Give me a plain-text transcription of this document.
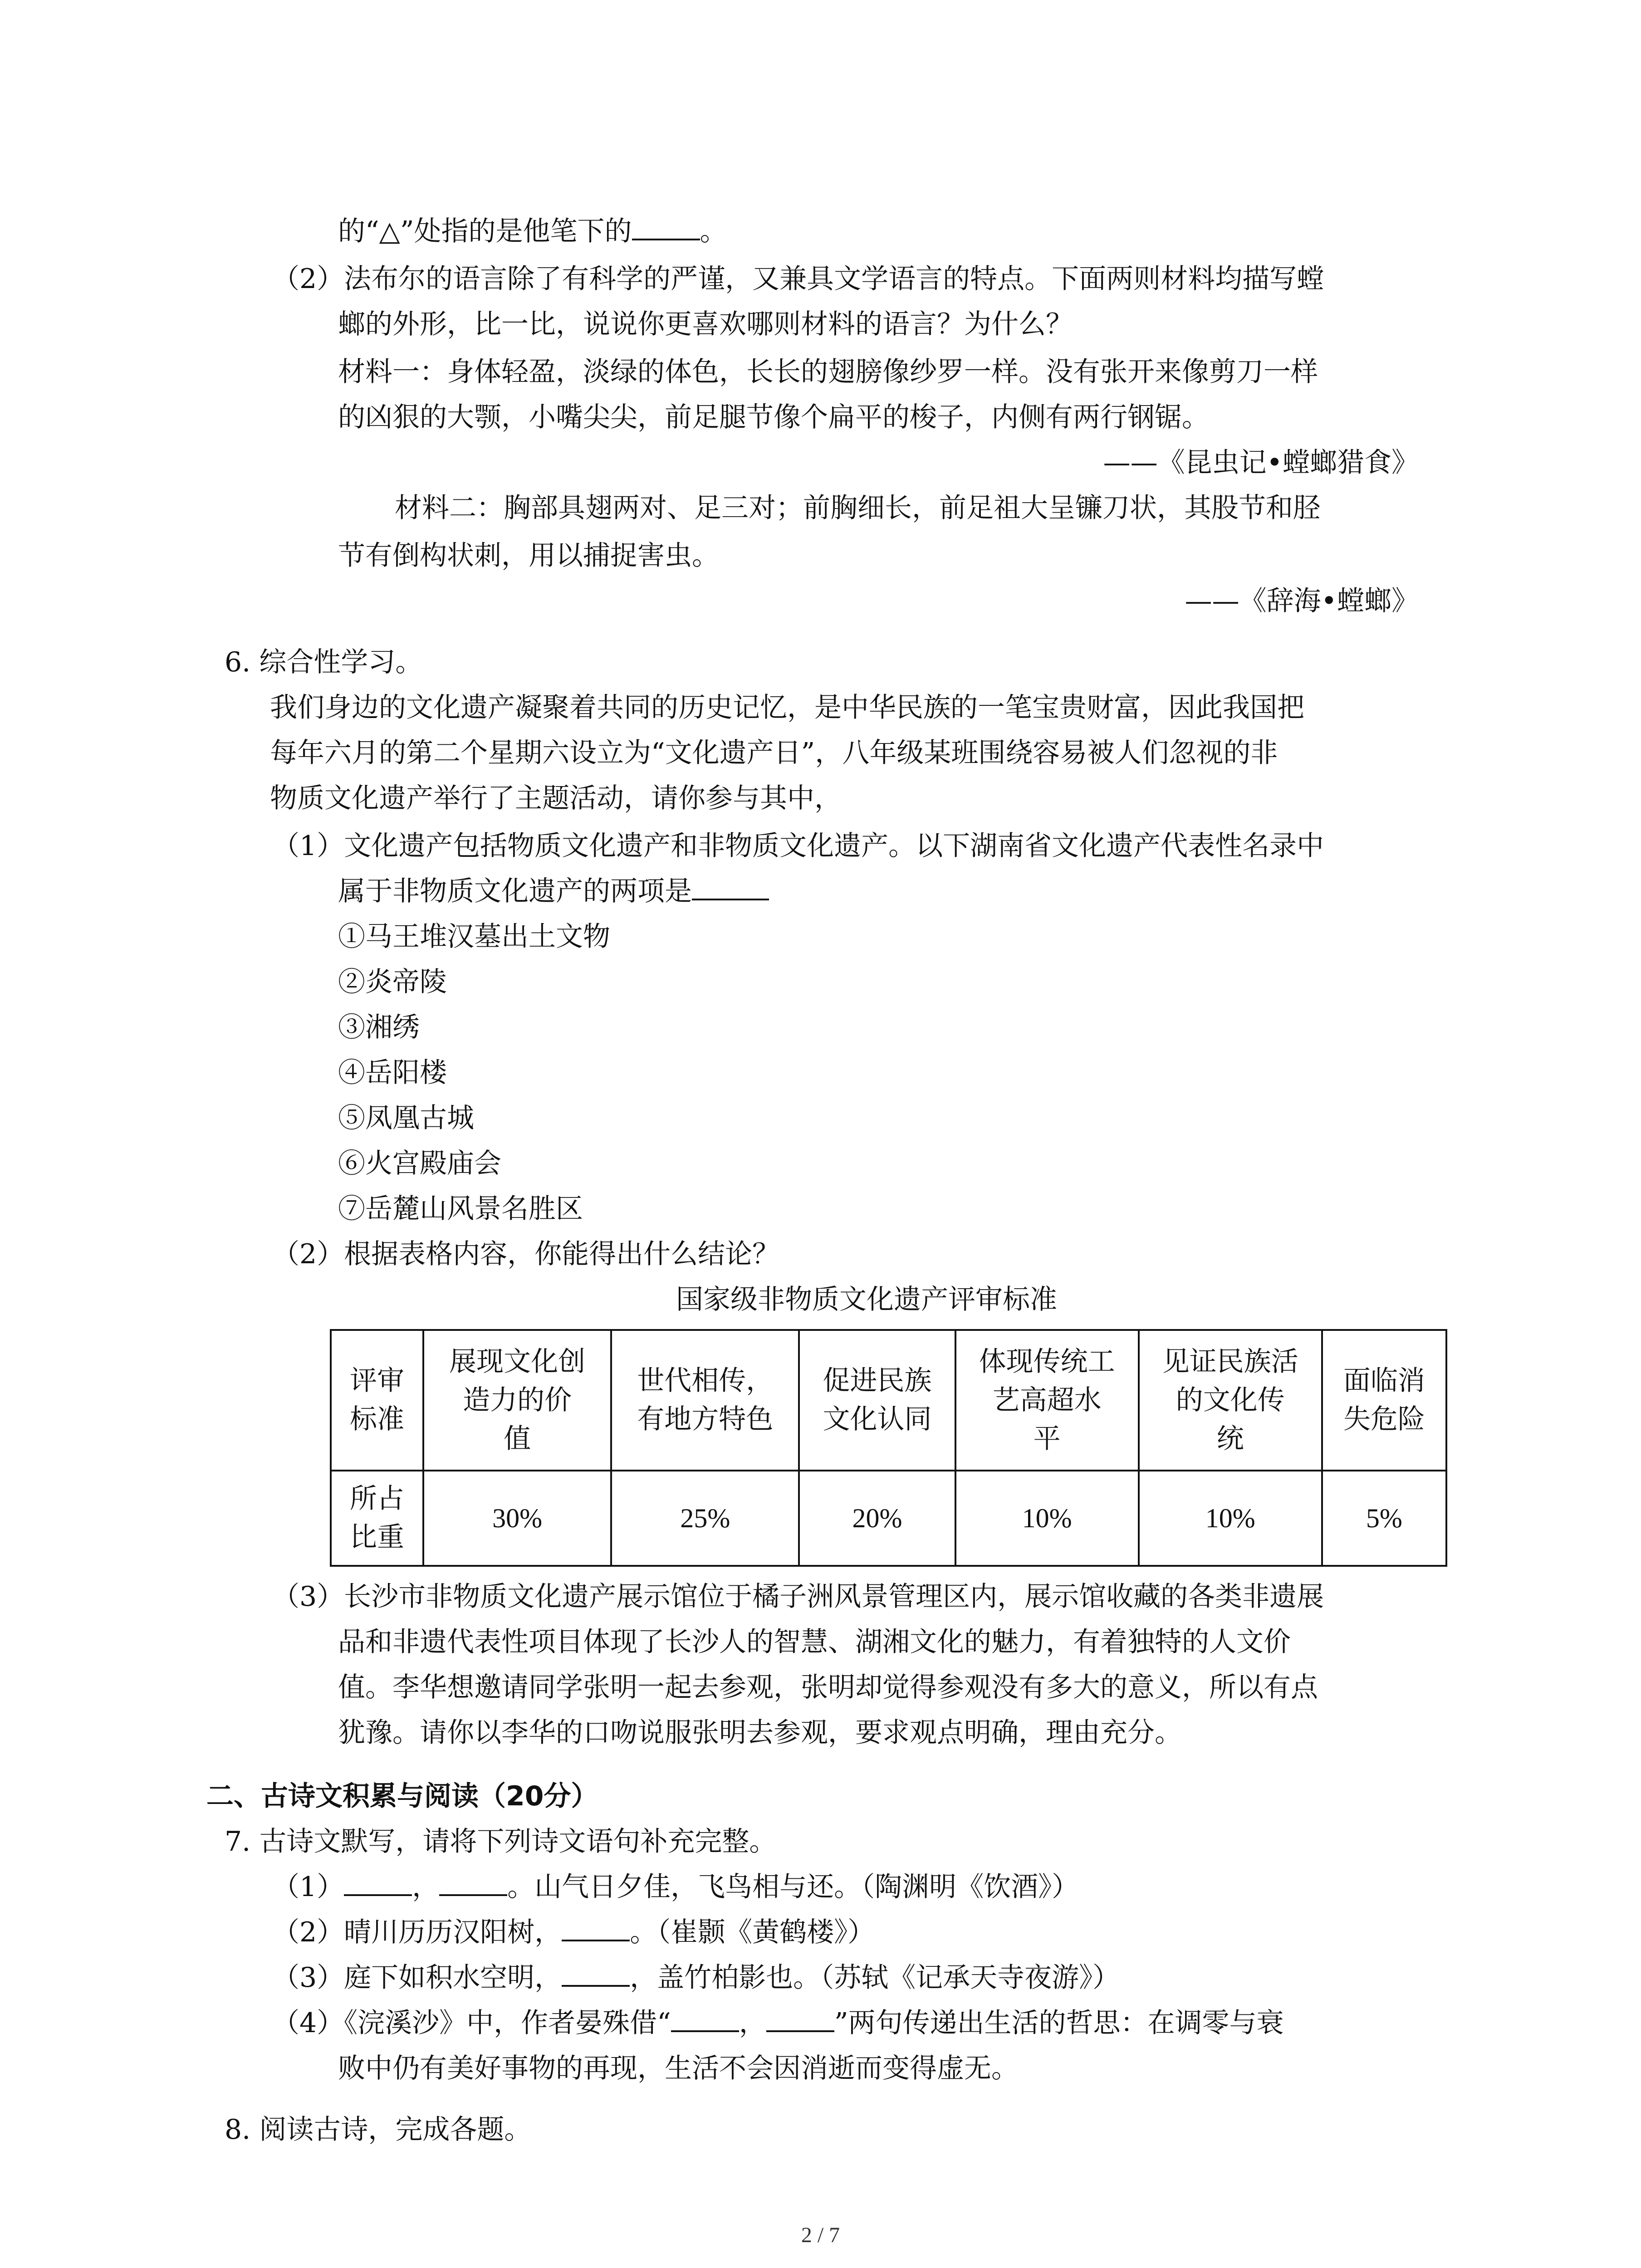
的“△”处指的是他笔下的	。
（2）法布尔的语言除了有科学的严谨，又兼具文学语言的特点。下面两则材料均描写螳
螂的外形，比一比，说说你更喜欢哪则材料的语言？为什么？
材料一：身体轻盈，淡绿的体色，长长的翅膀像纱罗一样。没有张开来像剪刀一样
的凶狠的大颚，小嘴尖尖，前足腿节像个扁平的梭子，内侧有两行钢锯。
——《昆虫记•螳螂猎食》
材料二：胸部具翅两对、足三对；前胸细长，前足祖大呈镰刀状，其股节和胫
节有倒构状刺，用以捕捉害虫。
——《辞海•螳螂》
6. 综合性学习。
我们身边的文化遗产凝聚着共同的历史记忆，是中华民族的一笔宝贵财富，因此我国把
每年六月的第二个星期六设立为“文化遗产日”，八年级某班围绕容易被人们忽视的非
物质文化遗产举行了主题活动，请你参与其中，
（1）文化遗产包括物质文化遗产和非物质文化遗产。以下湖南省文化遗产代表性名录中
属于非物质文化遗产的两项是
①马王堆汉墓出土文物
②炎帝陵
③湘绣
④岳阳楼
⑤凤凰古城
⑥火宫殿庙会
⑦岳麓山风景名胜区
（2）根据表格内容，你能得出什么结论？
国家级非物质文化遗产评审标准
评审
标准	展现文化创
造力的价
值	世代相传，
有地方特色	促进民族
文化认同	体现传统工
艺高超水
平	见证民族活
的文化传
统	面临消
失危险
所占
比重	30%	25%	20%	10%	10%	5%
（3）长沙市非物质文化遗产展示馆位于橘子洲风景管理区内，展示馆收藏的各类非遗展
品和非遗代表性项目体现了长沙人的智慧、湖湘文化的魅力，有着独特的人文价
值。李华想邀请同学张明一起去参观，张明却觉得参观没有多大的意义，所以有点
犹豫。请你以李华的口吻说服张明去参观，要求观点明确，理由充分。
二、古诗文积累与阅读（20分）
7. 古诗文默写，请将下列诗文语句补充完整。
（1）	，	。山气日夕佳，飞鸟相与还。（陶渊明《饮酒》）
（2）晴川历历汉阳树，	。（崔颢《黄鹤楼》）
（3）庭下如积水空明，	，盖竹柏影也。（苏轼《记承天寺夜游》）
（4）《浣溪沙》中，作者晏殊借“	，	”两句传递出生活的哲思：在调零与衰
败中仍有美好事物的再现，生活不会因消逝而变得虚无。
8. 阅读古诗，完成各题。
2 / 7
